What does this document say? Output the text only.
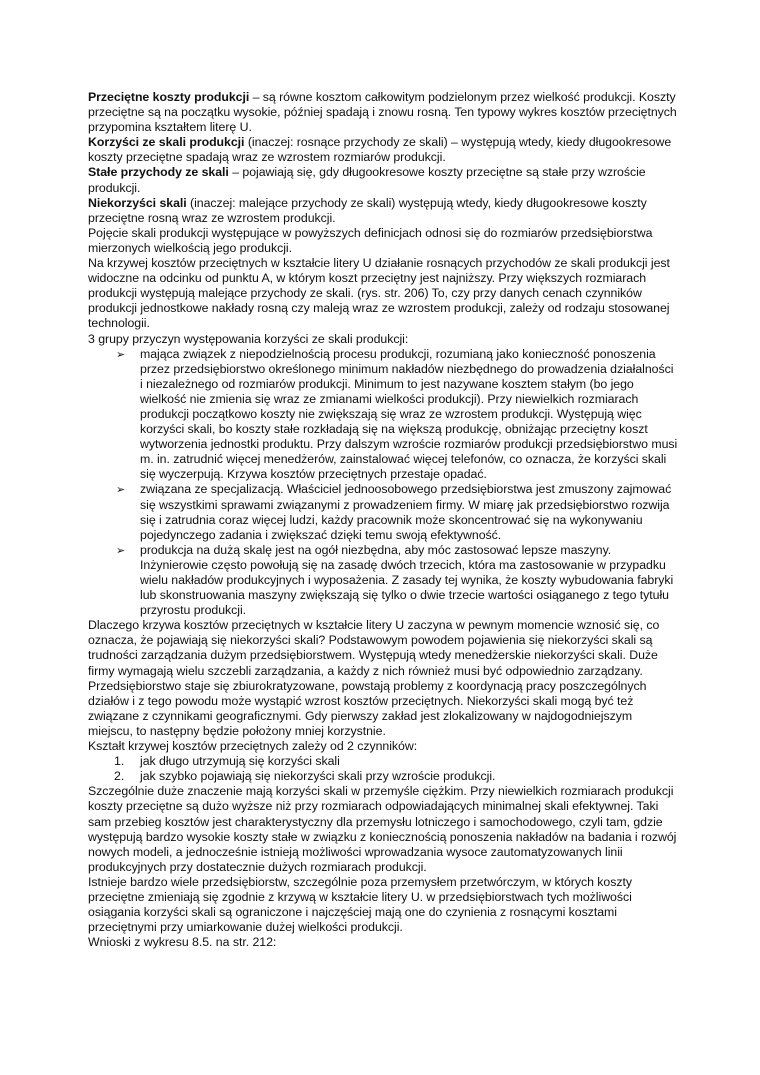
Przeciętne koszty produkcji – są równe kosztom całkowitym podzielonym przez wielkość produkcji. Koszty przeciętne są na początku wysokie, później spadają i znowu rosną. Ten typowy wykres kosztów przeciętnych przypomina kształtem literę U.

Korzyści ze skali produkcji (inaczej: rosnące przychody ze skali) – występują wtedy, kiedy długookresowe koszty przeciętne spadają wraz ze wzrostem rozmiarów produkcji.

Stałe przychody ze skali – pojawiają się, gdy długookresowe koszty przeciętne są stałe przy wzroście produkcji.

Niekorzyści skali (inaczej: malejące przychody ze skali) występują wtedy, kiedy długookresowe koszty przeciętne rosną wraz ze wzrostem produkcji.

Pojęcie skali produkcji występujące w powyższych definicjach odnosi się do rozmiarów przedsiębiorstwa mierzonych wielkością jego produkcji.

Na krzywej kosztów przeciętnych w kształcie litery U działanie rosnących przychodów ze skali produkcji jest widoczne na odcinku od punktu A, w którym koszt przeciętny jest najniższy. Przy większych rozmiarach produkcji występują malejące przychody ze skali. (rys. str. 206) To, czy przy danych cenach czynników produkcji jednostkowe nakłady rosną czy maleją wraz ze wzrostem produkcji, zależy od rodzaju stosowanej technologii.

3 grupy przyczyn występowania korzyści ze skali produkcji:

➢ mająca związek z niepodzielnością procesu produkcji, rozumianą jako konieczność ponoszenia przez przedsiębiorstwo określonego minimum nakładów niezbędnego do prowadzenia działalności i niezależnego od rozmiarów produkcji. Minimum to jest nazywane kosztem stałym (bo jego wielkość nie zmienia się wraz ze zmianami wielkości produkcji). Przy niewielkich rozmiarach produkcji początkowo koszty nie zwiększają się wraz ze wzrostem produkcji. Występują więc korzyści skali, bo koszty stałe rozkładają się na większą produkcję, obniżając przeciętny koszt wytworzenia jednostki produktu. Przy dalszym wzroście rozmiarów produkcji przedsiębiorstwo musi m. in. zatrudnić więcej menedżerów, zainstalować więcej telefonów, co oznacza, że korzyści skali się wyczerpują. Krzywa kosztów przeciętnych przestaje opadać.
➢ związana ze specjalizacją. Właściciel jednoosobowego przedsiębiorstwa jest zmuszony zajmować się wszystkimi sprawami związanymi z prowadzeniem firmy. W miarę jak przedsiębiorstwo rozwija się i zatrudnia coraz więcej ludzi, każdy pracownik może skoncentrować się na wykonywaniu pojedynczego zadania i zwiększać dzięki temu swoją efektywność.
➢ produkcja na dużą skalę jest na ogół niezbędna, aby móc zastosować lepsze maszyny. Inżynierowie często powołują się na zasadę dwóch trzecich, która ma zastosowanie w przypadku wielu nakładów produkcyjnych i wyposażenia. Z zasady tej wynika, że koszty wybudowania fabryki lub skonstruowania maszyny zwiększają się tylko o dwie trzecie wartości osiąganego z tego tytułu przyrostu produkcji.

Dlaczego krzywa kosztów przeciętnych w kształcie litery U zaczyna w pewnym momencie wznosić się, co oznacza, że pojawiają się niekorzyści skali? Podstawowym powodem pojawienia się niekorzyści skali są trudności zarządzania dużym przedsiębiorstwem. Występują wtedy menedżerskie niekorzyści skali. Duże firmy wymagają wielu szczebli zarządzania, a każdy z nich również musi być odpowiednio zarządzany. Przedsiębiorstwo staje się zbiurokratyzowane, powstają problemy z koordynacją pracy poszczególnych działów i z tego powodu może wystąpić wzrost kosztów przeciętnych. Niekorzyści skali mogą być też związane z czynnikami geograficznymi. Gdy pierwszy zakład jest zlokalizowany w najdogodniejszym miejscu, to następny będzie położony mniej korzystnie.

Kształt krzywej kosztów przeciętnych zależy od 2 czynników:

1. jak długo utrzymują się korzyści skali
2. jak szybko pojawiają się niekorzyści skali przy wzroście produkcji.

Szczególnie duże znaczenie mają korzyści skali w przemyśle ciężkim. Przy niewielkich rozmiarach produkcji koszty przeciętne są dużo wyższe niż przy rozmiarach odpowiadających minimalnej skali efektywnej. Taki sam przebieg kosztów jest charakterystyczny dla przemysłu lotniczego i samochodowego, czyli tam, gdzie występują bardzo wysokie koszty stałe w związku z koniecznością ponoszenia nakładów na badania i rozwój nowych modeli, a jednocześnie istnieją możliwości wprowadzania wysoce zautomatyzowanych linii produkcyjnych przy dostatecznie dużych rozmiarach produkcji.

Istnieje bardzo wiele przedsiębiorstw, szczególnie poza przemysłem przetwórczym, w których koszty przeciętne zmieniają się zgodnie z krzywą w kształcie litery U. w przedsiębiorstwach tych możliwości osiągania korzyści skali są ograniczone i najczęściej mają one do czynienia z rosnącymi kosztami przeciętnymi przy umiarkowanie dużej wielkości produkcji.

Wnioski z wykresu 8.5. na str. 212:
